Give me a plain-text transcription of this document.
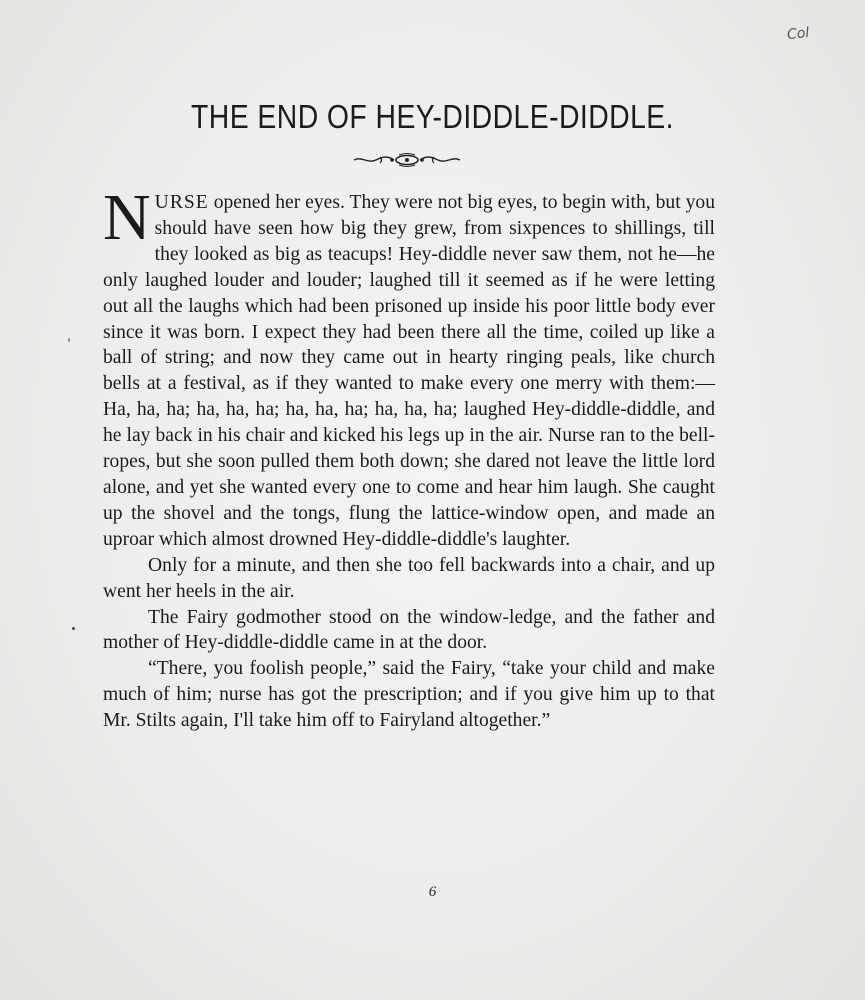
Col
THE END OF HEY-DIDDLE-DIDDLE.

NURSE opened her eyes. They were not big eyes, to begin with, but you should have seen how big they grew, from sixpences to shillings, till they looked as big as teacups! Hey-diddle never saw them, not he—he only laughed louder and louder; laughed till it seemed as if he were letting out all the laughs which had been prisoned up inside his poor little body ever since it was born. I expect they had been there all the time, coiled up like a ball of string; and now they came out in hearty ringing peals, like church bells at a festival, as if they wanted to make every one merry with them:—Ha, ha, ha; ha, ha, ha; ha, ha, ha; ha, ha, ha; laughed Hey-diddle-diddle, and he lay back in his chair and kicked his legs up in the air. Nurse ran to the bell-ropes, but she soon pulled them both down; she dared not leave the little lord alone, and yet she wanted every one to come and hear him laugh. She caught up the shovel and the tongs, flung the lattice-window open, and made an uproar which almost drowned Hey-diddle-diddle's laughter.

Only for a minute, and then she too fell backwards into a chair, and up went her heels in the air.

The Fairy godmother stood on the window-ledge, and the father and mother of Hey-diddle-diddle came in at the door.

“There, you foolish people,” said the Fairy, “take your child and make much of him; nurse has got the prescription; and if you give him up to that Mr. Stilts again, I'll take him off to Fairyland altogether.”

6
